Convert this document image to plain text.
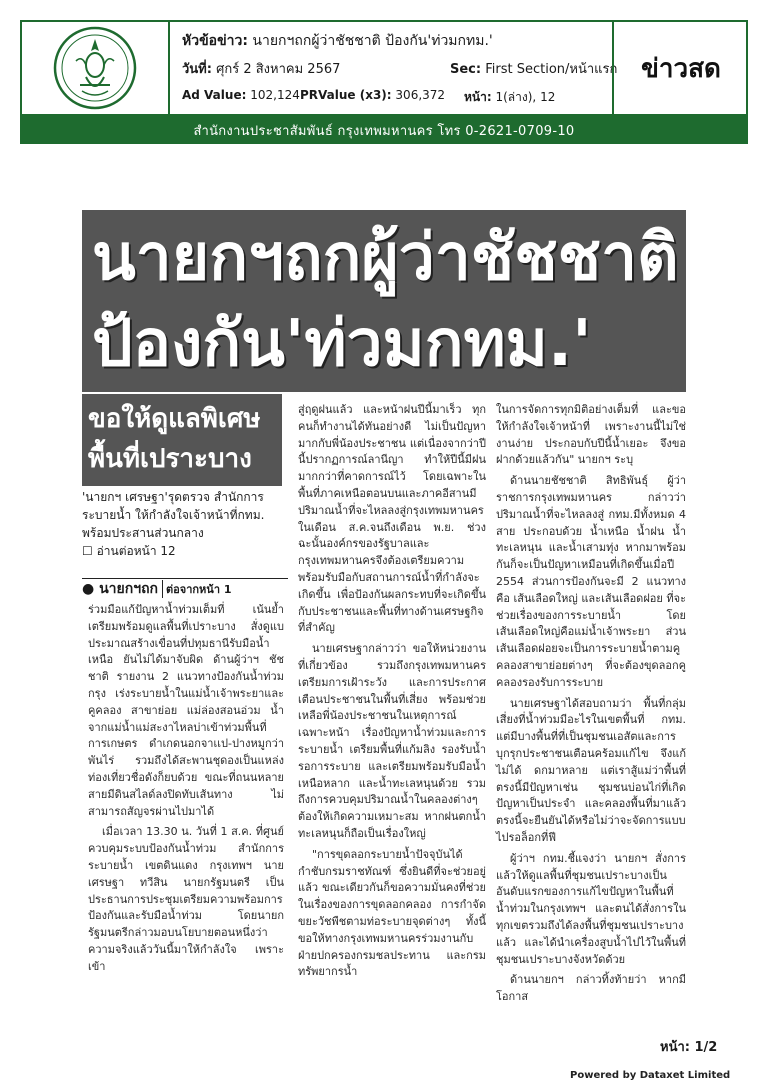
หัวข้อข่าว: นายกฯถกผู้ว่าชัชชาติ ป้องกัน'ท่วมกทม.'
วันที่: ศุกร์ 2 สิงหาคม 2567	Sec: First Section/หน้าแรก
Ad Value: 102,124 PRValue (x3): 306,372 หน้า: 1(ล่าง), 12
ข่าวสด
สำนักงานประชาสัมพันธ์ กรุงเทพมหานคร โทร 0-2621-0709-10
นายกฯถกผู้ว่าชัชชาติ
ป้องกัน'ท่วมกทม.'
ขอให้ดูแลพิเศษ
พื้นที่เปราะบาง
'นายกฯ เศรษฐา'รุดตรวจ สำนักการระบายน้ำ ให้กำลังใจเจ้าหน้าที่กทม. พร้อมประสานส่วนกลาง ☐ อ่านต่อหน้า 12
● นายกฯถก ต่อจากหน้า 1

ร่วมมือแก้ปัญหาน้ำท่วมเต็มที่ เน้นย้ำเตรียมพร้อมดูแลพื้นที่เปราะบาง สั่งดูแบประมาณสร้างเขื่อนที่ปทุมธานีรับมือน้ำเหนือ ยันไม่ได้มาจับผิด ด้านผู้ว่าฯ ชัชชาติ รายงาน 2 แนวทางป้องกันน้ำท่วมกรุง เร่งระบายน้ำในแม่น้ำเจ้าพระยาและคูคลอง สาขาย่อย แม่ล่องสอนอ่วม น้ำจากแม่น้ำแม่สะงาไหลบ่าเข้าท่วมพื้นที่การเกษตร ดำเกดนอกจาเเป-ปางหมูกว่าพันไร่ รวมถึงได้สะพานชุดองเป็นแหล่งท่องเที่ยวชื่อดังก็ยบด้วย ขณะที่ถนนหลายสายมีดินสไลด์ลงปิดทับเส้นทาง ไม่สามารถสัญจรผ่านไปมาได้

เมื่อเวลา 13.30 น. วันที่ 1 ส.ค. ที่ศูนย์ควบคุมระบบป้องกันน้ำท่วม สำนักการระบายน้ำ เขตดินแดง กรุงเทพฯ นายเศรษฐา ทวีสิน นายกรัฐมนตรี เป็นประธานการประชุมเตรียมความพร้อมการป้องกันและรับมือน้ำท่วม โดยนายกรัฐมนตรีกล่าวมอบนโยบายตอนหนึ่งว่า ความจริงแล้ววันนี้มาให้กำลังใจ เพราะเข้า

สู่ฤดูฝนแล้ว และหน้าฝนปีนี้มาเร็ว ทุกคนก็ทำงานได้ทันอย่างดี ไม่เป็นปัญหามากกับพี่น้องประชาชน แต่เนื่องจากว่าปีนี้ปรากฏการณ์ลานีญา ทำให้ปีนี้มีฝนมากกว่าที่คาดการณ์ไว้ โดยเฉพาะในพื้นที่ภาคเหนือตอนบนและภาคอีสานมีปริมาณน้ำที่จะไหลลงสู่กรุงเทพมหานครในเดือน ส.ค.จนถึงเดือน พ.ย. ช่วงฉะนั้นองค์กรของรัฐบาลและกรุงเทพมหานครจึงต้องเตรียมความพร้อมรับมือกับสถานการณ์น้ำที่กำลังจะเกิดขึ้น เพื่อป้องกันผลกระทบที่จะเกิดขึ้นกับประชาชนและพื้นที่ทางด้านเศรษฐกิจที่สำคัญ

นายเศรษฐากล่าวว่า ขอให้หน่วยงานที่เกี่ยวข้อง รวมถึงกรุงเทพมหานครเตรียมการเฝ้าระวัง และการประกาศเตือนประชาชนในพื้นที่เสี่ยง พร้อมช่วยเหลือพี่น้องประชาชนในเหตุการณ์เฉพาะหน้า เรื่องปัญหาน้ำท่วมและการระบายน้ำ เตรียมพื้นที่แก้มลิง รองรับน้ำรอการระบาย และเตรียมพร้อมรับมือน้ำเหนือหลาก และน้ำทะเลหนุนด้วย รวมถึงการควบคุมปริมาณน้ำในคลองต่างๆ ต้องให้เกิดความเหมาะสม หากฝนตกน้ำทะเลหนุนก็ถือเป็นเรื่องใหญ่

"การขุดลอกระบายน้ำปัจจุบันได้กำชับกรมราชทัณฑ์ ซึ่งยินดีที่จะช่วยอยู่แล้ว ขณะเดียวกันก็ขอความมั่นคงที่ช่วยในเรื่องของการขุดลอกคลอง การกำจัดขยะวัชพืชตามท่อระบายจุดต่างๆ ทั้งนี้ ขอให้ทางกรุงเทพมหานครร่วมงานกับฝ่ายปกครองกรมชลประทาน และกรมทรัพยากรน้ำ

ในการจัดการทุกมิติอย่างเต็มที่ และขอให้กำลังใจเจ้าหน้าที่ เพราะงานนี้ไม่ใช่งานง่าย ประกอบกับปีนี้น้ำเยอะ จึงขอฝากด้วยแล้วกัน" นายกฯ ระบุ

ด้านนายชัชชาติ สิทธิพันธุ์ ผู้ว่าราชการกรุงเทพมหานคร กล่าวว่า ปริมาณน้ำที่จะไหลลงสู่ กทม.มีทั้งหมด 4 สาย ประกอบด้วย น้ำเหนือ น้ำฝน น้ำทะเลหนุน และน้ำเสามทุ่ง หากมาพร้อมกันก็จะเป็นปัญหาเหมือนที่เกิดขึ้นเมื่อปี 2554 ส่วนการป้องกันจะมี 2 แนวทางคือ เส้นเลือดใหญ่ และเส้นเลือดฝอย ที่จะช่วยเรื่องของการระบายน้ำ โดยเส้นเลือดใหญ่คือแม่น้ำเจ้าพระยา ส่วนเส้นเลือดฝอยจะเป็นการระบายน้ำตามคูคลองสาขาย่อยต่างๆ ที่จะต้องขุดลอกคูคลองรองรับการระบาย

นายเศรษฐาได้สอบถามว่า พื้นที่กลุ่มเสี่ยงที่น้ำท่วมมีอะไรในเขตพื้นที่ กทม. แต่มีบางพื้นที่ที่เป็นชุมชนเอสัตและการบุกรุกประชาชนเตือนคร้อมแก้ไข จึงแก้ไม่ได้ ดกมาหลาย แต่เราสู้แม่ว่าพื้นที่ตรงนี้มีปัญหาเช่น ชุมชนบ่อนไก่ที่เกิดปัญหาเป็นประจำ และคลองพื้นที่มาแล้ว ตรงนี้จะยืนยันได้หรือไม่ว่าจะจัดการแบบไปรอล็อกที่ฟี

ผู้ว่าฯ กทม.ชี้แจงว่า นายกฯ สั่งการแล้วให้ดูแลพื้นที่ชุมชนเปราะบางเป็นอันดับแรกของการแก้ไขปัญหาในพื้นที่น้ำท่วมในกรุงเทพฯ และตนได้สั่งการในทุกเขตรวมถึงได้ลงพื้นที่ชุมชนเปราะบางแล้ว และได้นำเครื่องสูบน้ำไปไว้ในพื้นที่ชุมชนเปราะบางจังหวัดด้วย

ด้านนายกฯ กล่าวทิ้งท้ายว่า หากมีโอกาส

หน้า: 1/2
Powered by Dataxet Limited
